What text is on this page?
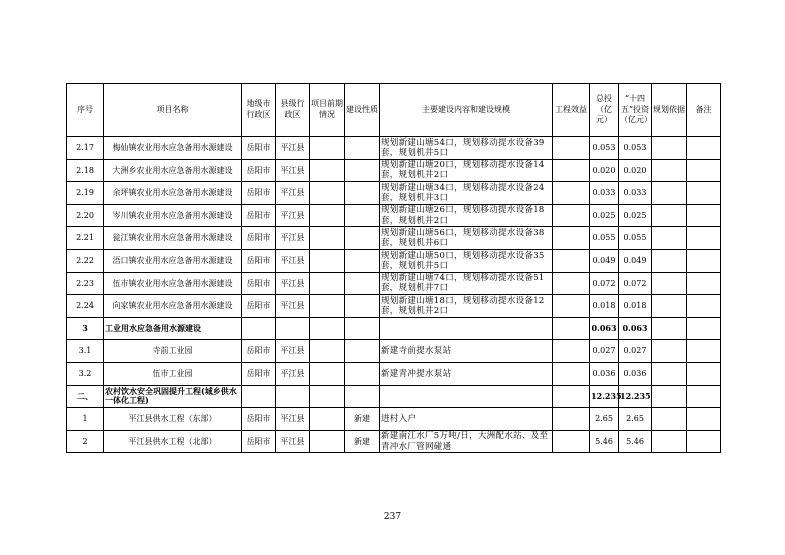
序号	项目名称	地级市行政区	县级行政区	项目前期情况	建设性质	主要建设内容和建设规模	工程效益	总投（亿元）	“十四五”投资（亿元）	规划依据	备注
2.17	梅仙镇农业用水应急备用水源建设	岳阳市	平江县			规划新建山塘54口，规划移动提水设备39套，规划机井5口		0.053	0.053		
2.18	大洲乡农业用水应急备用水源建设	岳阳市	平江县			规划新建山塘20口，规划移动提水设备14套，规划机井2口		0.020	0.020		
2.19	余坪镇农业用水应急备用水源建设	岳阳市	平江县			规划新建山塘34口，规划移动提水设备24套，规划机井3口		0.033	0.033		
2.20	岑川镇农业用水应急备用水源建设	岳阳市	平江县			规划新建山塘26口，规划移动提水设备18套，规划机井2口		0.025	0.025		
2.21	瓮江镇农业用水应急备用水源建设	岳阳市	平江县			规划新建山塘56口，规划移动提水设备38套，规划机井6口		0.055	0.055		
2.22	浯口镇农业用水应急备用水源建设	岳阳市	平江县			规划新建山塘50口，规划移动提水设备35套，规划机井5口		0.049	0.049		
2.23	伍市镇农业用水应急备用水源建设	岳阳市	平江县			规划新建山塘74口，规划移动提水设备51套，规划机井7口		0.072	0.072		
2.24	向家镇农业用水应急备用水源建设	岳阳市	平江县			规划新建山塘18口，规划移动提水设备12套，规划机井2口		0.018	0.018		
3	工业用水应急备用水源建设							0.063	0.063		
3.1	寺前工业园	岳阳市	平江县			新建寺前提水泵站		0.027	0.027		
3.2	伍市工业园	岳阳市	平江县			新建青冲提水泵站		0.036	0.036		
二、	农村饮水安全巩固提升工程(城乡供水一体化工程)							12.235	12.235		
1	平江县供水工程（东部）	岳阳市	平江县		新建	进村入户		2.65	2.65		
2	平江县供水工程（北部）	岳阳市	平江县		新建	新建南江水厂5万吨/日，大洲配水站、及至青冲水厂管网碰通		5.46	5.46		
237
